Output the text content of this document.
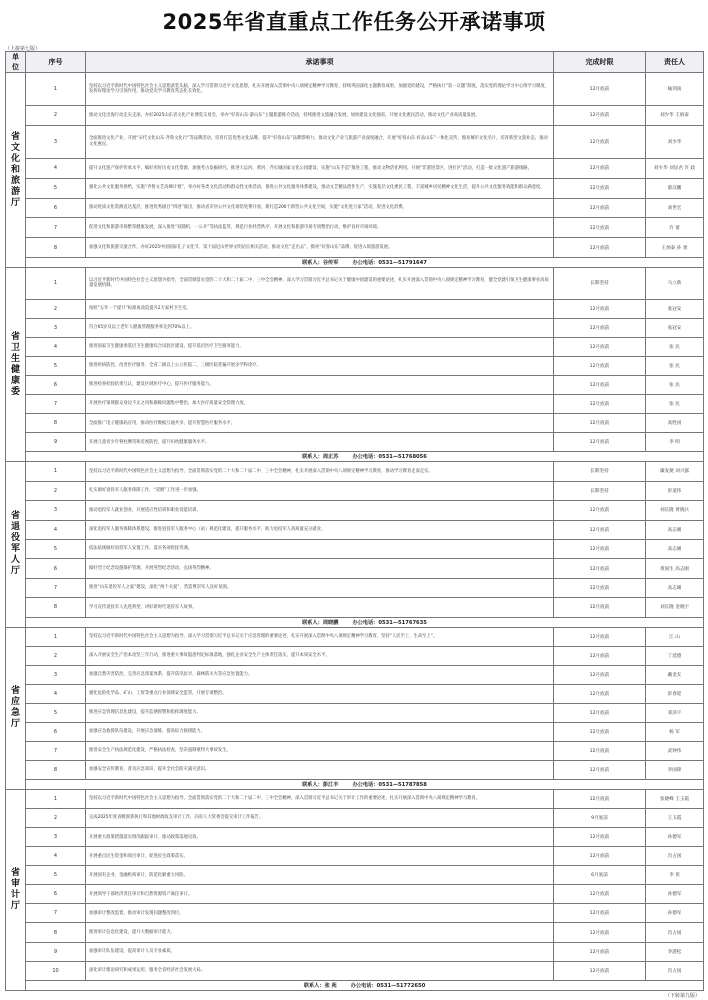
2025年省直重点工作任务公开承诺事项
（上接第七版）
单位	序号	承诺事项	完成时限	责任人
省文化和旅游厅	1	坚持以习近平新时代中国特色社会主义思想武装头脑，深入学习贯彻习近平文化思想，扎实开展深入贯彻中央八项规定精神学习教育，持续巩固深化主题教育成果，加强党的建设，严格执行“第一议题”制度，落实党的理论学习中心组学习制度，发挥好理论学习引领作用，推动党史学习教育常态化长效化。	12月底前	喻剑南
	2	推动文化出海行动走实走深，办好2025山东省文化产业博览交易会，举办“好客山东·游山东”主题旅游推介活动，持续推进文旅融合发展，加快建设文化强省，开展文化惠民活动，推动文化产业高质量发展。	12月底前	刘少华 王炳泰
	3	全面推进文化产业、开展“宋代文化山东·齐鲁文化行”等品牌活动，培育打造优秀文化品牌，提升“好客山东”品牌影响力，推动文化产业与旅游产业深度融合，开展“好客山东 好品山东”一体化宣传，擦亮城市文化名片，培育新型文旅业态，推动文化惠民。	12月底前	刘少华
	4	提升文化遗产保护传承水平，编好用好历史文化资源，加强考古发掘研究，推进大运河、黄河、齐长城国家文化公园建设，实施“山东手造”推进工程，推动文物活化利用，开展“非遗进景区、进社区”活动，打造一批文化遗产旅游线路。	12月底前	刘少华 刘显君 许 政
	5	强化公共文化服务供给，实施“齐鲁文艺高峰计划”，举办好各类文化活动和群众性文体活动，推进公共文化服务体系建设，推动文艺精品创作生产，实施基层文化惠民工程，丰富城乡居民精神文化生活，提升公共文化服务效能和群众满意度。	12月底前	蔡汉鹏
	6	推动优质文化资源直达基层，推进优秀剧目“四进”演出，推动省市县公共文化场馆免费开放，新打造200个新型公共文化空间，实施“文化进万家”活动，促进文化消费。	12月底前	刘世宏
	7	促进文化和旅游市场繁荣健康发展，深入推进“双随机、一公开”等执法监管，规范行业经营秩序，开展文化和旅游市场专项整治行动，维护良好市场环境。	12月底前	许 蕾
	8	加强文化和旅游交流合作，办好2025中国国际孔子文化节、第十届尼山世界文明论坛相关活动，推动文化“走出去”，擦亮“好客山东”品牌，促进入境旅游发展。	12月底前	王炳泰 孙 蕾
	联系人：谷传军 办公电话：0531—51791647			
省卫生健康委	1	以习近平新时代中国特色社会主义思想为指导，全面贯彻落实党的二十大和二十届二中、三中全会精神，深入学习贯彻习近平总书记关于健康中国建设的重要论述，扎实开展深入贯彻中央八项规定精神学习教育，健全党建引领卫生健康事业高质量发展机制。	长期坚持	马立新
	2	按照“五年一个提升”标准再改造提升2万家村卫生室。	12月底前	张冠安
	3	符合65岁及以上老年人健康管理服务率达到70%以上。	12月底前	张冠安
	4	推进国家卫生健康委基层卫生健康综合试验区建设，提升基层医疗卫生服务能力。	12月底前	张 民
	5	推进疾病防控，改善医疗服务，全省二级以上公立医院二、三级医院普遍开展多学科诊疗。	12月底前	张 民
	6	推进检查检验结果互认，建设区域医疗中心，提升医疗服务能力。	12月底前	张 民
	7	开展医疗领域群众身边不正之风和腐败问题集中整治，加大医疗质量安全管理力度。	12月底前	张 民
	8	全面推广电子健康码应用，推动医疗数据互通共享，提升智慧医疗服务水平。	12月底前	高胜国
	9	开展儿童青少年脊柱侧弯和近视防控，提升妇幼健康服务水平。	12月底前	李 明
	联系人：周正苏 办公电话：0531—51768056			
省退役军人厅	1	坚持以习近平新时代中国特色社会主义思想为指导，全面贯彻落实党的二十大和二十届二中、三中全会精神，扎实开展深入贯彻中央八项规定精神学习教育，推动学习教育走深走实。	长期坚持	廉发捷 刘兴露
	2	扎实做好退役军人服务保障工作，“双拥”工作进一步加强。	长期坚持	彭道伟
	3	推动退役军人就业创业，开展适应性培训和职业技能培训。	12月底前	刘长隆 黄晓兵
	4	深化退役军人服务保障体系建设，推进退役军人服务中心（站）规范化建设，提升服务水平，助力退役军人高质量充分就业。	12月底前	高志刚
	5	依法依规做好退役军人安置工作，落实各项优抚待遇。	12月底前	高志刚
	6	做好烈士纪念设施保护管理，开展英烈纪念活动，弘扬英烈精神。	12月底前	黄国生 高志刚
	7	推进“山东退役军人之家”建设，深化“两个关爱”，营造尊崇军人良好氛围。	12月底前	高志刚
	8	学习宣传退役军人先进典型，讲好新时代退役军人故事。	12月底前	刘长隆 金晓宇
	联系人：周晓鹏 办公电话：0531—51767635			
省应急厅	1	坚持以习近平新时代中国特色社会主义思想为指导，深入学习贯彻习近平总书记关于应急管理的重要论述，扎实开展深入贯彻中央八项规定精神学习教育，坚持“人民至上、生命至上”。	12月底前	江 山
	2	深入开展安全生产治本攻坚三年行动，推进重大事故隐患判定标准落地，强化企业安全生产主体责任落实，提升本质安全水平。	12月底前	丁延德
	3	加强自然灾害防治，完善应急预案体系，提升防汛抗旱、森林防灭火等应急处置能力。	12月底前	戴金友
	4	强化危险化学品、矿山、工贸等重点行业领域安全监管，开展专项整治。	12月底前	彭春迎
	5	推进应急管理信息化建设，提升监测预警和指挥调度能力。	12月底前	邓泽宇
	6	加强应急救援队伍建设，开展应急演练，提高综合救援能力。	12月底前	杨 军
	7	推进安全生产执法规范化建设，严格执法检查，坚决遏制重特大事故发生。	12月底前	武钟伟
	8	加强安全宣传教育，普及应急知识，提升全社会防灾减灾意识。	12月底前	李国锋
	联系人：彭江丰 办公电话：0531—51787858			
省审计厅	1	坚持以习近平新时代中国特色社会主义思想为指导，全面贯彻落实党的二十大和二十届二中、三中全会精神，深入贯彻习近平总书记关于审计工作的重要论述，扎实开展深入贯彻中央八项规定精神学习教育。	12月底前	张晓峰 王玉霞
	2	完成2025年度省级预算执行和其他财政收支审计工作，向省人大常委会提交审计工作报告。	9月底前	王玉霞
	3	开展重大政策措施落实情况跟踪审计，推动政策落地见效。	12月底前	孙德军
	4	开展重点民生资金和项目审计，促进民生政策落实。	12月底前	肖占国
	5	开展国有企业、金融机构审计，防范化解重大风险。	6月底前	李 侠
	6	开展领导干部经济责任审计和自然资源资产离任审计。	12月底前	孙德军
	7	加强审计整改监督，推动审计发现问题整改到位。	12月底前	孙德军
	8	推进审计信息化建设，提升大数据审计能力。	12月底前	肖占国
	9	加强审计队伍建设，提高审计人员专业素质。	12月底前	李游松
	10	深化审计理论研究和成果运用，服务全省经济社会发展大局。	12月底前	肖占国
	联系人：张 苑 办公电话：0531—51772650			
（下转第九版）
